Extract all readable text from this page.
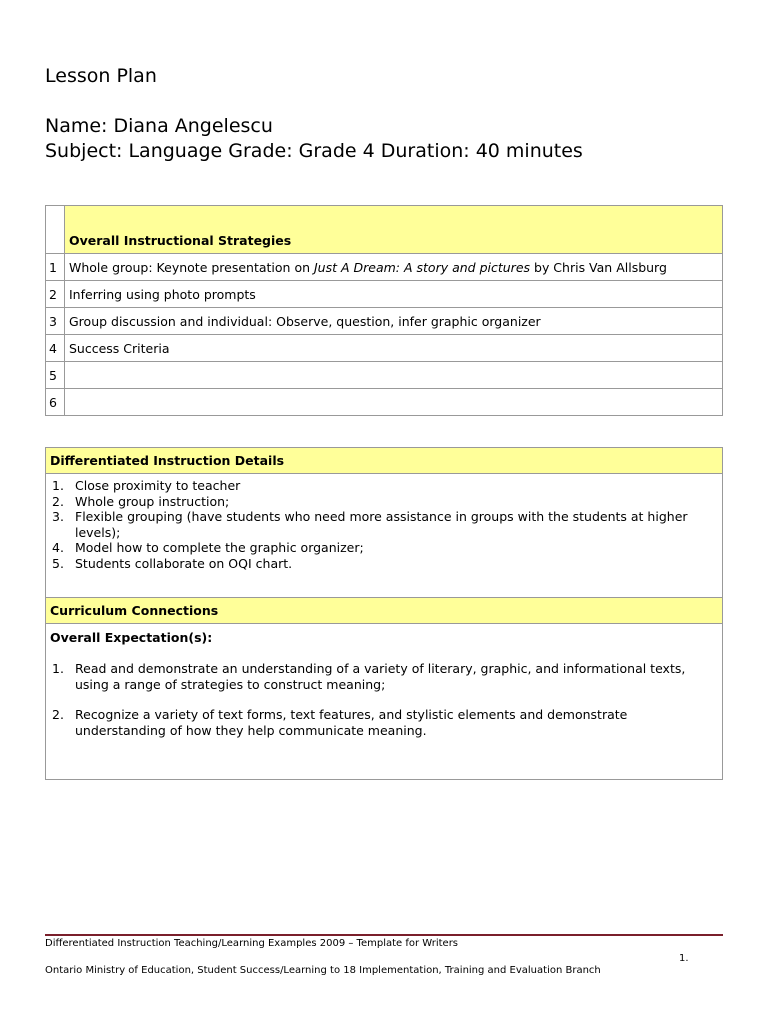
Lesson Plan
Name: Diana Angelescu
Subject: Language Grade: Grade 4 Duration: 40 minutes
	Overall Instructional Strategies
1	Whole group: Keynote presentation on Just A Dream: A story and pictures by Chris Van Allsburg
2	Inferring using photo prompts
3	Group discussion and individual: Observe, question, infer graphic organizer
4	Success Criteria
5	
6	
Differentiated Instruction Details

1. Close proximity to teacher
2. Whole group instruction;
3. Flexible grouping (have students who need more assistance in groups with the students at higher levels);
4. Model how to complete the graphic organizer;
5. Students collaborate on OQI chart.

Curriculum Connections

Overall Expectation(s):
1. Read and demonstrate an understanding of a variety of literary, graphic, and informational texts, using a range of strategies to construct meaning;
2. Recognize a variety of text forms, text features, and stylistic elements and demonstrate understanding of how they help communicate meaning.
Differentiated Instruction Teaching/Learning Examples 2009 – Template for Writers
1.
Ontario Ministry of Education, Student Success/Learning to 18 Implementation, Training and Evaluation Branch
